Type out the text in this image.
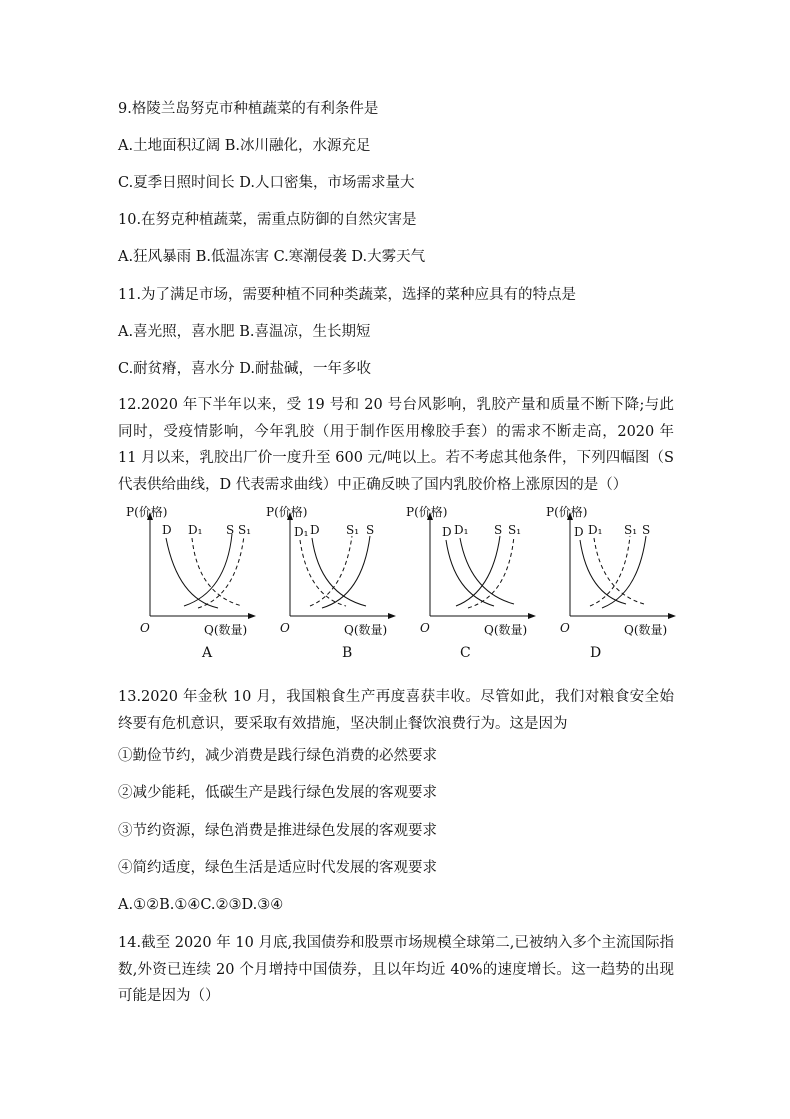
9.格陵兰岛努克市种植蔬菜的有利条件是
A.土地面积辽阔 B.冰川融化，水源充足
C.夏季日照时间长 D.人口密集，市场需求量大
10.在努克种植蔬菜，需重点防御的自然灾害是
A.狂风暴雨 B.低温冻害 C.寒潮侵袭 D.大雾天气
11.为了满足市场，需要种植不同种类蔬菜，选择的菜种应具有的特点是
A.喜光照，喜水肥 B.喜温凉，生长期短
C.耐贫瘠，喜水分 D.耐盐碱，一年多收
12.2020 年下半年以来，受 19 号和 20 号台风影响，乳胶产量和质量不断下降;与此同时，受疫情影响，今年乳胶（用于制作医用橡胶手套）的需求不断走高，2020 年 11 月以来，乳胶出厂价一度升至 600 元/吨以上。若不考虑其他条件，下列四幅图（S 代表供给曲线，D 代表需求曲线）中正确反映了国内乳胶价格上涨原因的是（）
P(价格)
Q(数量)
O
D D₁ S S₁
A
P(价格)
Q(数量)
O
D₁ D S₁ S
B
P(价格)
Q(数量)
O
D D₁ S S₁
C
P(价格)
Q(数量)
O
D D₁ S₁ S
D
13.2020 年金秋 10 月，我国粮食生产再度喜获丰收。尽管如此，我们对粮食安全始终要有危机意识，要采取有效措施，坚决制止餐饮浪费行为。这是因为
①勤俭节约，减少消费是践行绿色消费的必然要求
②减少能耗，低碳生产是践行绿色发展的客观要求
③节约资源，绿色消费是推进绿色发展的客观要求
④简约适度，绿色生活是适应时代发展的客观要求
A.①②B.①④C.②③D.③④
14.截至 2020 年 10 月底,我国债券和股票市场规模全球第二,已被纳入多个主流国际指数,外资已连续 20 个月增持中国债券，且以年均近 40%的速度增长。这一趋势的出现可能是因为（）
